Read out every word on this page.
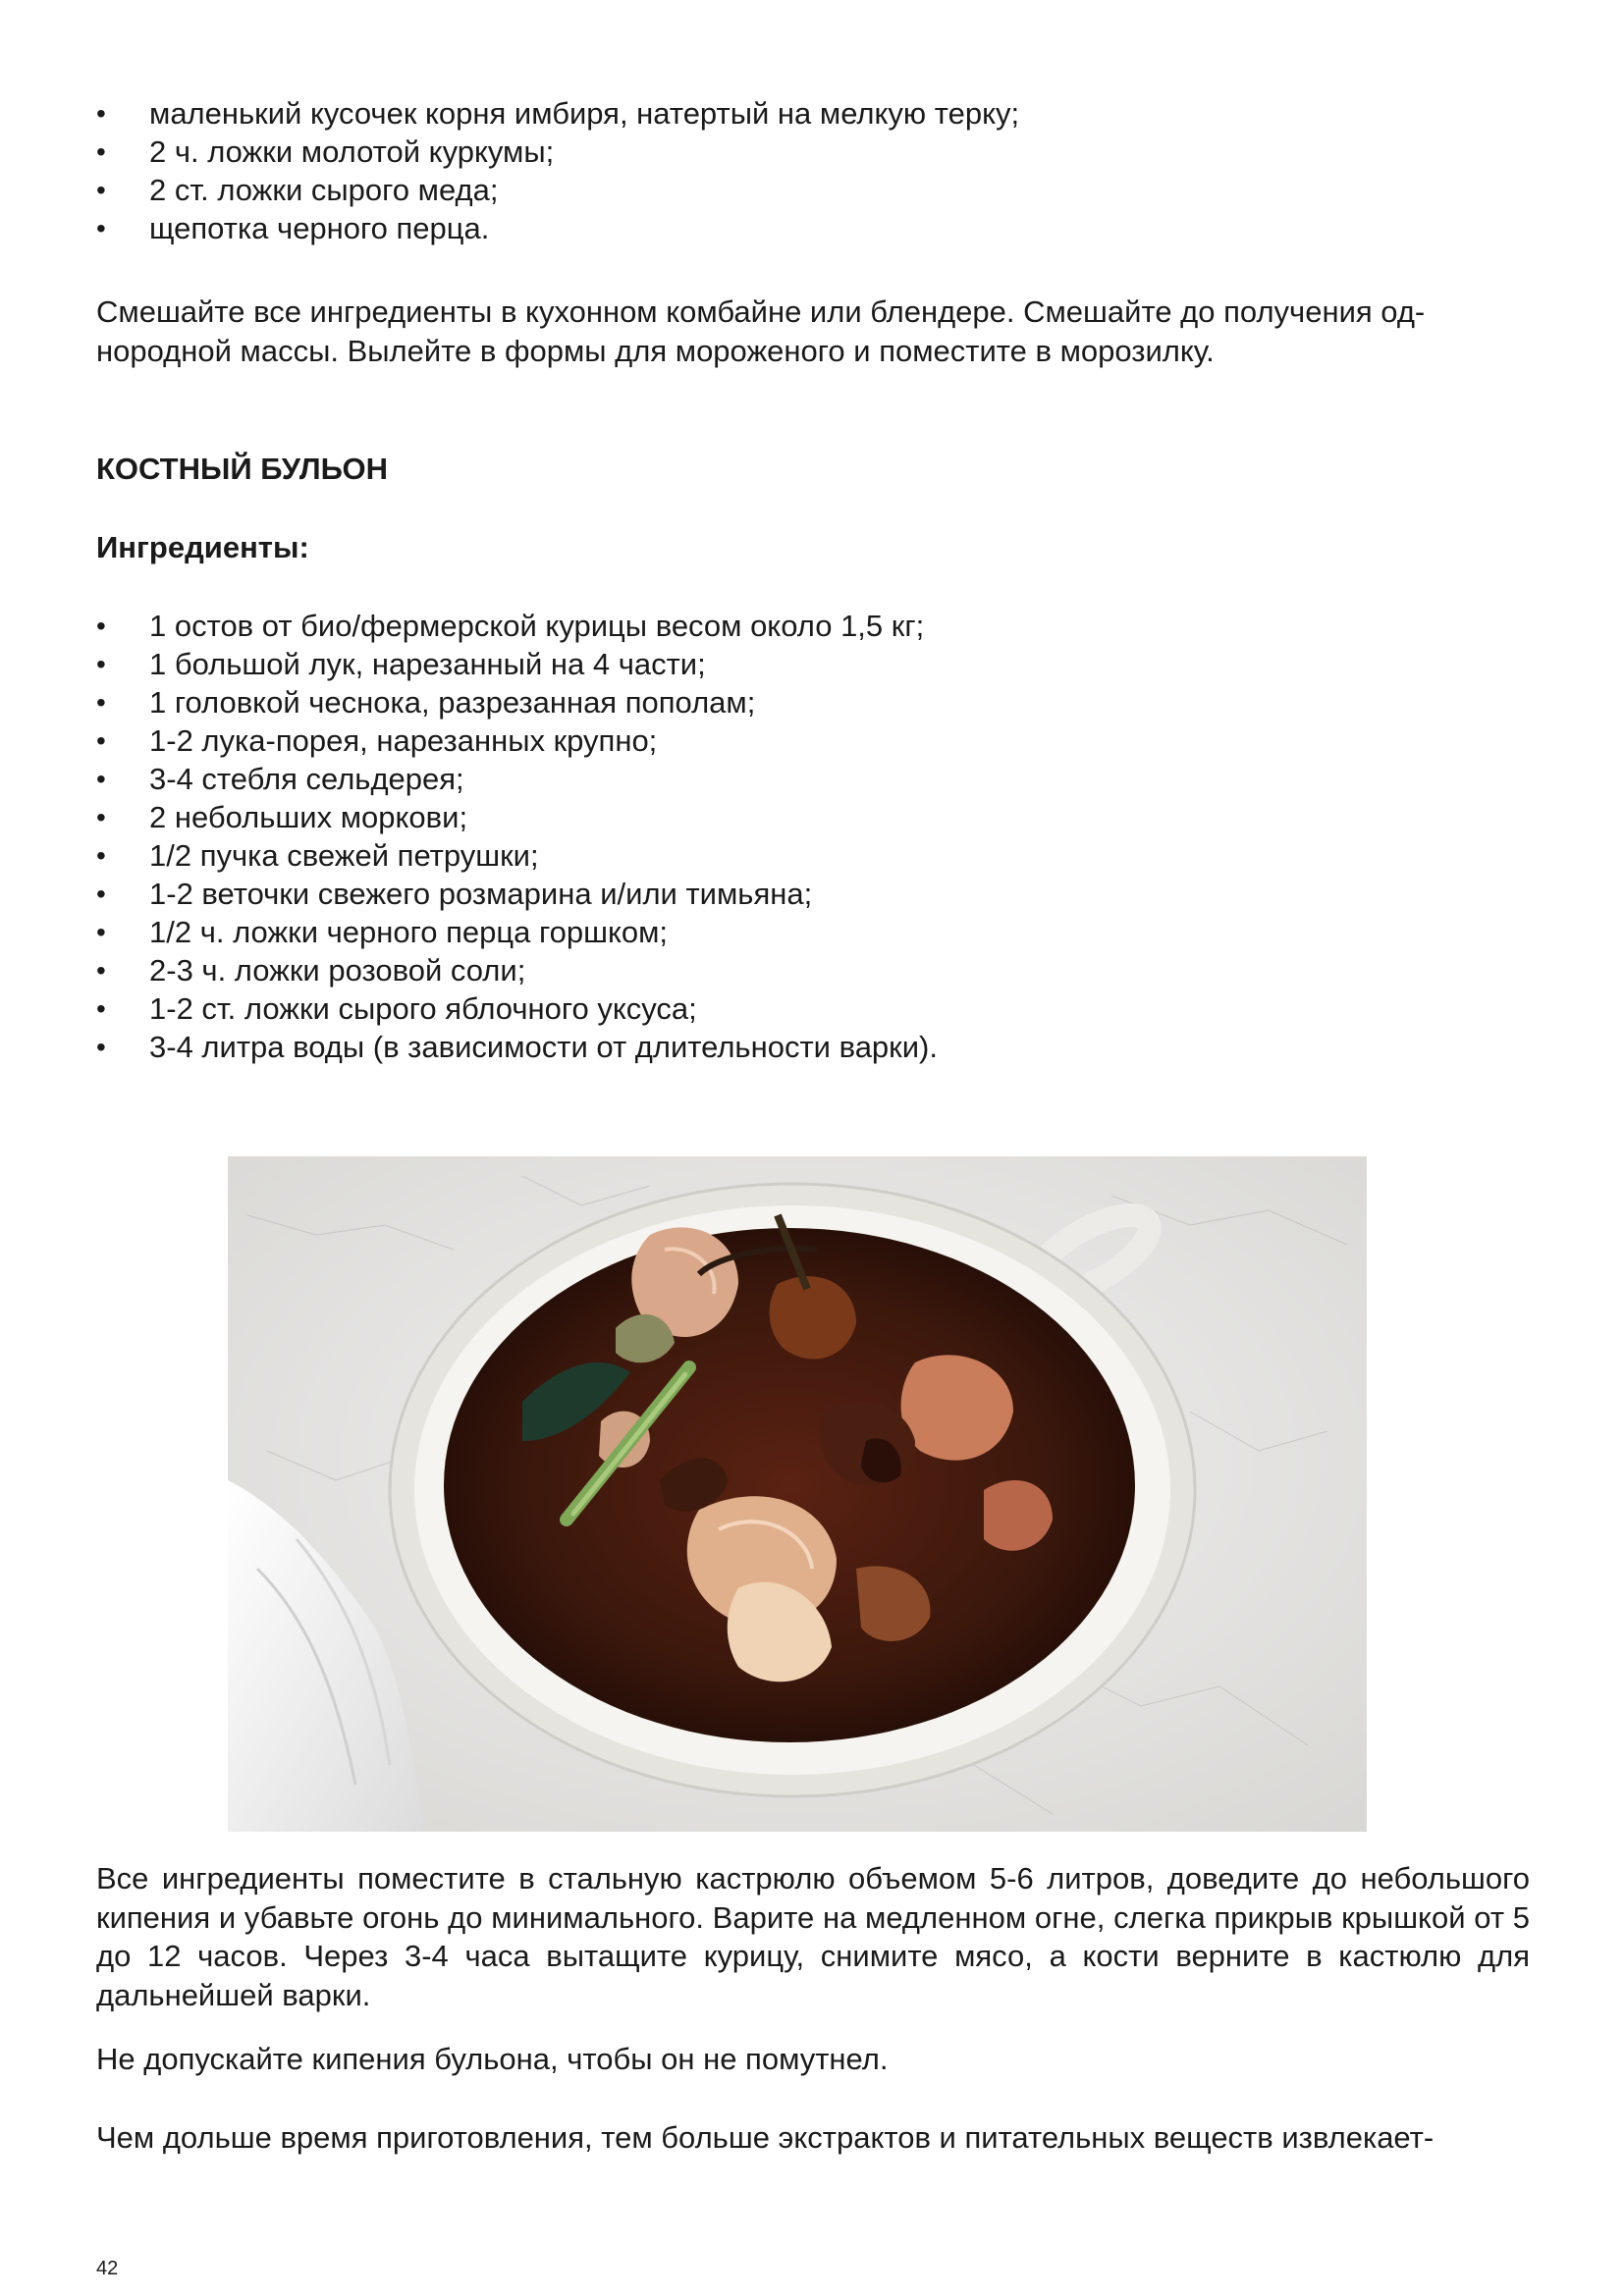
• маленький кусочек корня имбиря, натертый на мелкую терку;
• 2 ч. ложки молотой куркумы;
• 2 ст. ложки сырого меда;
• щепотка черного перца.

Смешайте все ингредиенты в кухонном комбайне или блендере. Смешайте до получения од-
нородной массы. Вылейте в формы для мороженого и поместите в морозилку.

КОСТНЫЙ БУЛЬОН
Ингредиенты:
• 1 остов от био/фермерской курицы весом около 1,5 кг;
• 1 большой лук, нарезанный на 4 части;
• 1 головкой чеснока, разрезанная пополам;
• 1-2 лука-порея, нарезанных крупно;
• 3-4 стебля сельдерея;
• 2 небольших моркови;
• 1/2 пучка свежей петрушки;
• 1-2 веточки свежего розмарина и/или тимьяна;
• 1/2 ч. ложки черного перца горшком;
• 2-3 ч. ложки розовой соли;
• 1-2 ст. ложки сырого яблочного уксуса;
• 3-4 литра воды (в зависимости от длительности варки).

Все ингредиенты поместите в стальную кастрюлю объемом 5-6 литров, доведите до небольшого кипения и убавьте огонь до минимального. Варите на медленном огне, слегка прикрыв крышкой от 5 до 12 часов. Через 3-4 часа вытащите курицу, снимите мясо, а кости верните в кастюлю для дальнейшей варки.

Не допускайте кипения бульона, чтобы он не помутнел.

Чем дольше время приготовления, тем больше экстрактов и питательных веществ извлекает-

42
